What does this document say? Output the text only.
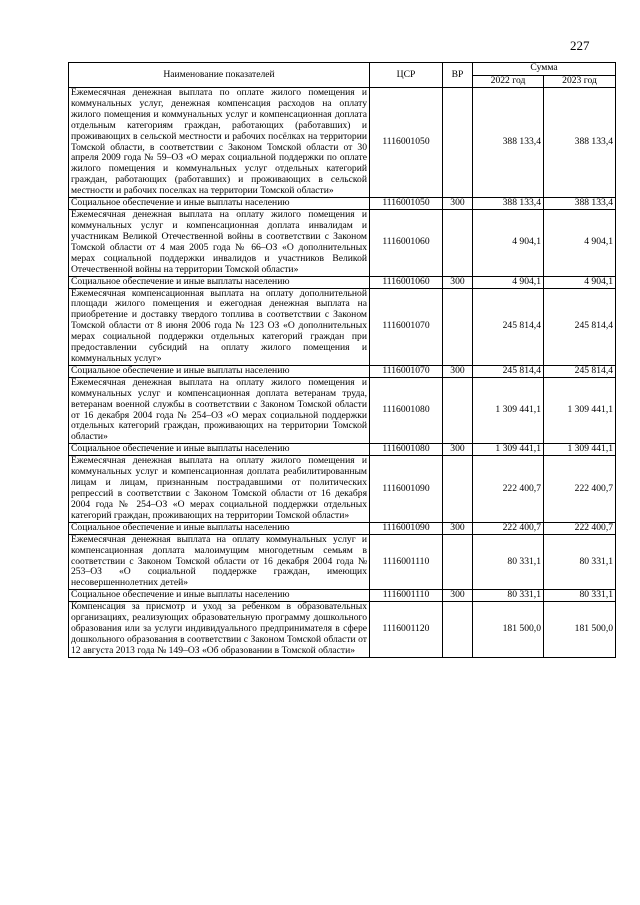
227
Наименование показателей	ЦСР	ВР	Сумма	
			2022 год	2023 год
Ежемесячная денежная выплата по оплате жилого помещения и коммунальных услуг, денежная компенсация расходов на оплату жилого помещения и коммунальных услуг и компенсационная доплата отдельным категориям граждан, работающих (работавших) и проживающих в сельской местности и рабочих посёлках на территории Томской области, в соответствии с Законом Томской области от 30 апреля 2009 года № 59–ОЗ «О мерах социальной поддержки по оплате жилого помещения и коммунальных услуг отдельных категорий граждан, работающих (работавших) и проживающих в сельской местности и рабочих поселках на территории Томской области»	1116001050		388 133,4	388 133,4
Социальное обеспечение и иные выплаты населению	1116001050	300	388 133,4	388 133,4
Ежемесячная денежная выплата на оплату жилого помещения и коммунальных услуг и компенсационная доплата инвалидам и участникам Великой Отечественной войны в соответствии с Законом Томской области от 4 мая 2005 года № 66–ОЗ «О дополнительных мерах социальной поддержки инвалидов и участников Великой Отечественной войны на территории Томской области»	1116001060		4 904,1	4 904,1
Социальное обеспечение и иные выплаты населению	1116001060	300	4 904,1	4 904,1
Ежемесячная компенсационная выплата на оплату дополнительной площади жилого помещения и ежегодная денежная выплата на приобретение и доставку твердого топлива в соответствии с Законом Томской области от 8 июня 2006 года № 123 ОЗ «О дополнительных мерах социальной поддержки отдельных категорий граждан при предоставлении субсидий на оплату жилого помещения и коммунальных услуг»	1116001070		245 814,4	245 814,4
Социальное обеспечение и иные выплаты населению	1116001070	300	245 814,4	245 814,4
Ежемесячная денежная выплата на оплату жилого помещения и коммунальных услуг и компенсационная доплата ветеранам труда, ветеранам военной службы в соответствии с Законом Томской области от 16 декабря 2004 года № 254–ОЗ «О мерах социальной поддержки отдельных категорий граждан, проживающих на территории Томской области»	1116001080		1 309 441,1	1 309 441,1
Социальное обеспечение и иные выплаты населению	1116001080	300	1 309 441,1	1 309 441,1
Ежемесячная денежная выплата на оплату жилого помещения и коммунальных услуг и компенсационная доплата реабилитированным лицам и лицам, признанным пострадавшими от политических репрессий в соответствии с Законом Томской области от 16 декабря 2004 года № 254–ОЗ «О мерах социальной поддержки отдельных категорий граждан, проживающих на территории Томской области»	1116001090		222 400,7	222 400,7
Социальное обеспечение и иные выплаты населению	1116001090	300	222 400,7	222 400,7
Ежемесячная денежная выплата на оплату коммунальных услуг и компенсационная доплата малоимущим многодетным семьям в соответствии с Законом Томской области от 16 декабря 2004 года № 253–ОЗ «О социальной поддержке граждан, имеющих несовершеннолетних детей»	1116001110		80 331,1	80 331,1
Социальное обеспечение и иные выплаты населению	1116001110	300	80 331,1	80 331,1
Компенсация за присмотр и уход за ребенком в образовательных организациях, реализующих образовательную программу дошкольного образования или за услуги индивидуального предпринимателя в сфере дошкольного образования в соответствии с Законом Томской области от 12 августа 2013 года № 149–ОЗ «Об образовании в Томской области»	1116001120		181 500,0	181 500,0
